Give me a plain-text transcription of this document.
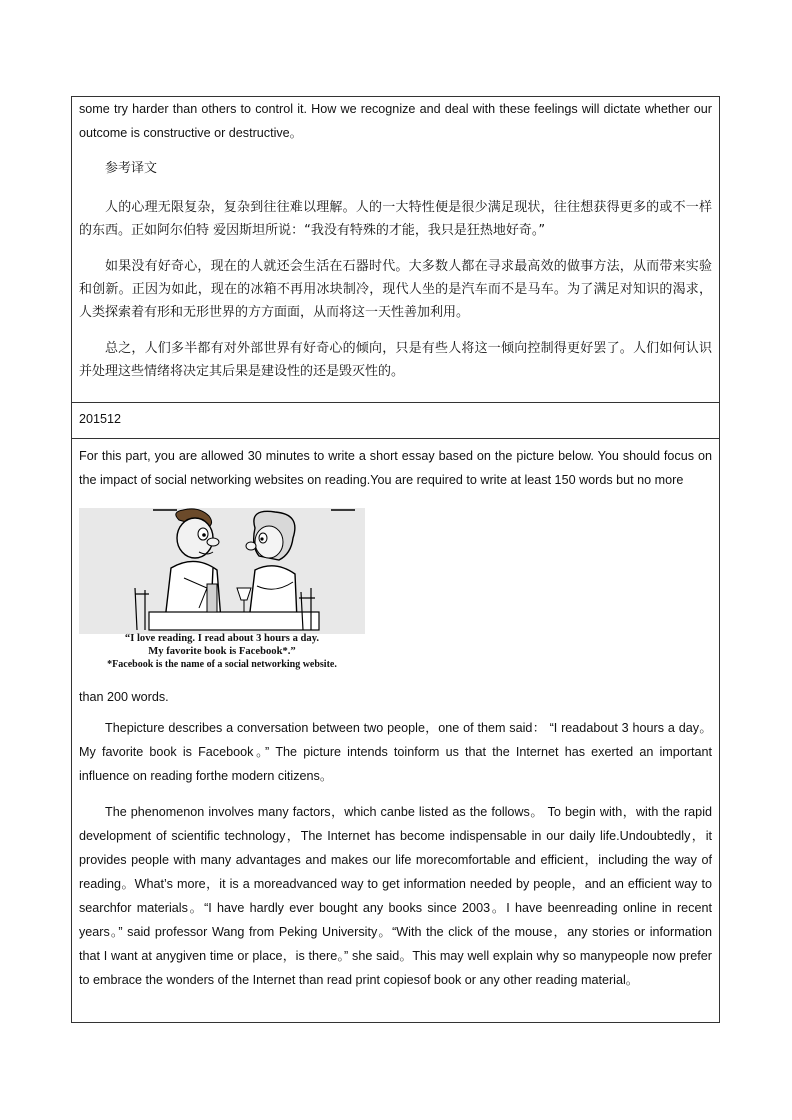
some try harder than others to control it. How we recognize and deal with these feelings will dictate whether our outcome is constructive or destructive。

参考译文

人的心理无限复杂，复杂到往往难以理解。人的一大特性便是很少满足现状，往往想获得更多的或不一样的东西。正如阿尔伯特 爱因斯坦所说：“我没有特殊的才能，我只是狂热地好奇。”

如果没有好奇心，现在的人就还会生活在石器时代。大多数人都在寻求最高效的做事方法，从而带来实验和创新。正因为如此，现在的冰箱不再用冰块制冷，现代人坐的是汽车而不是马车。为了满足对知识的渴求，人类探索着有形和无形世界的方方面面，从而将这一天性善加利用。

总之，人们多半都有对外部世界有好奇心的倾向，只是有些人将这一倾向控制得更好罢了。人们如何认识并处理这些情绪将决定其后果是建设性的还是毁灭性的。

201512

For this part, you are allowed 30 minutes to write a short essay based on the picture below. You should focus on the impact of social networking websites on reading.You are required to write at least 150 words but no more

than 200 words.

Thepicture describes a conversation between two people，one of them said： “I readabout 3 hours a day。My favorite book is Facebook。” The picture intends toinform us that the Internet has exerted an important influence on reading forthe modern citizens。

The phenomenon involves many factors，which canbe listed as the follows。 To begin with，with the rapid development of scientific technology，The Internet has become indispensable in our daily life.Undoubtedly，it provides people with many advantages and makes our life morecomfortable and efficient，including the way of reading。What’s more，it is a moreadvanced way to get information needed by people，and an efficient way to searchfor materials。“I have hardly ever bought any books since 2003。I have beenreading online in recent years。” said professor Wang from Peking University。“With the click of the mouse，any stories or information that I want at anygiven time or place，is there。” she said。This may well explain why so manypeople now prefer to embrace the wonders of the Internet than read print copiesof book or any other reading material。

“I love reading. I read about 3 hours a day.
My favorite book is Facebook*.”
*Facebook is the name of a social networking website.
